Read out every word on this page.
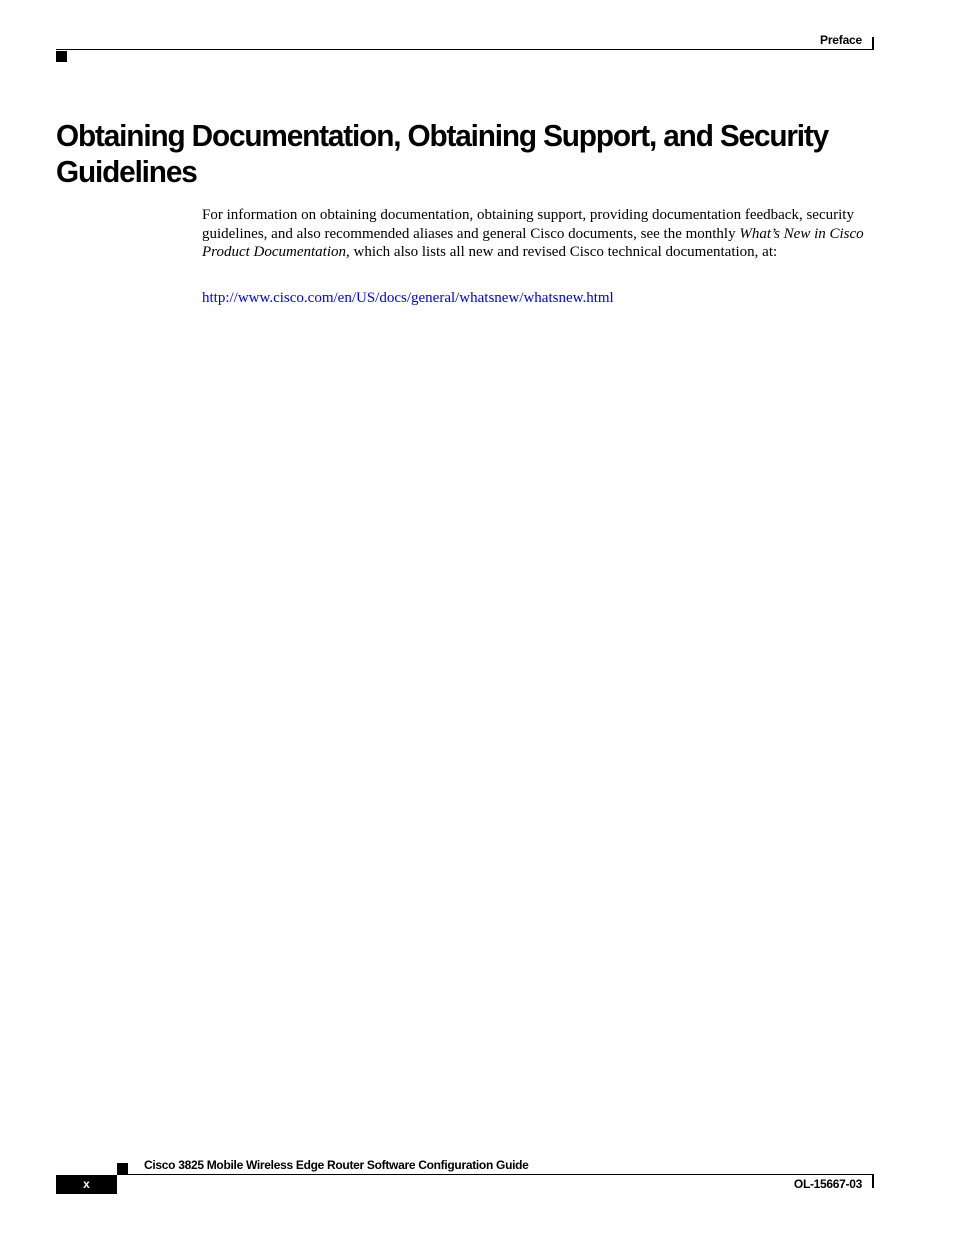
Preface
Obtaining Documentation, Obtaining Support, and Security Guidelines

For information on obtaining documentation, obtaining support, providing documentation feedback, security guidelines, and also recommended aliases and general Cisco documents, see the monthly What’s New in Cisco Product Documentation, which also lists all new and revised Cisco technical documentation, at:

http://www.cisco.com/en/US/docs/general/whatsnew/whatsnew.html
Cisco 3825 Mobile Wireless Edge Router Software Configuration Guide
x	OL-15667-03
